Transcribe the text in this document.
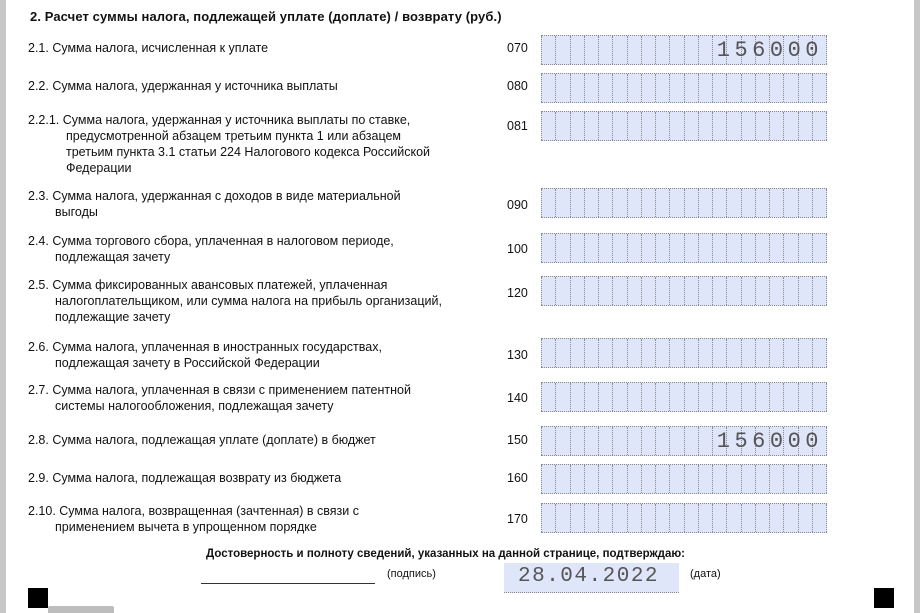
2. Расчет суммы налога, подлежащей уплате (доплате) / возврату (руб.)
2.1. Сумма налога, исчисленная к уплате	070	156000
2.2. Сумма налога, удержанная у источника выплаты	080
2.2.1. Сумма налога, удержанная у источника выплаты по ставке,
предусмотренной абзацем третьим пункта 1 или абзацем
третьим пункта 3.1 статьи 224 Налогового кодекса Российской
Федерации
081
2.3. Сумма налога, удержанная с доходов в виде материальной
выгоды	090
2.4. Сумма торгового сбора, уплаченная в налоговом периоде,
подлежащая зачету
100
2.5. Сумма фиксированных авансовых платежей, уплаченная
налогоплательщиком, или сумма налога на прибыль организаций,
подлежащие зачету
120
2.6. Сумма налога, уплаченная в иностранных государствах,
подлежащая зачету в Российской Федерации
130
2.7. Сумма налога, уплаченная в связи с применением патентной
системы налогообложения, подлежащая зачету
140
2.8. Сумма налога, подлежащая уплате (доплате) в бюджет	150	156000
2.9. Сумма налога, подлежащая возврату из бюджета	160
2.10. Сумма налога, возвращенная (зачтенная) в связи с
применением вычета в упрощенном порядке
170
Достоверность и полноту сведений, указанных на данной странице, подтверждаю:
(подпись)	28.04.2022	(дата)
